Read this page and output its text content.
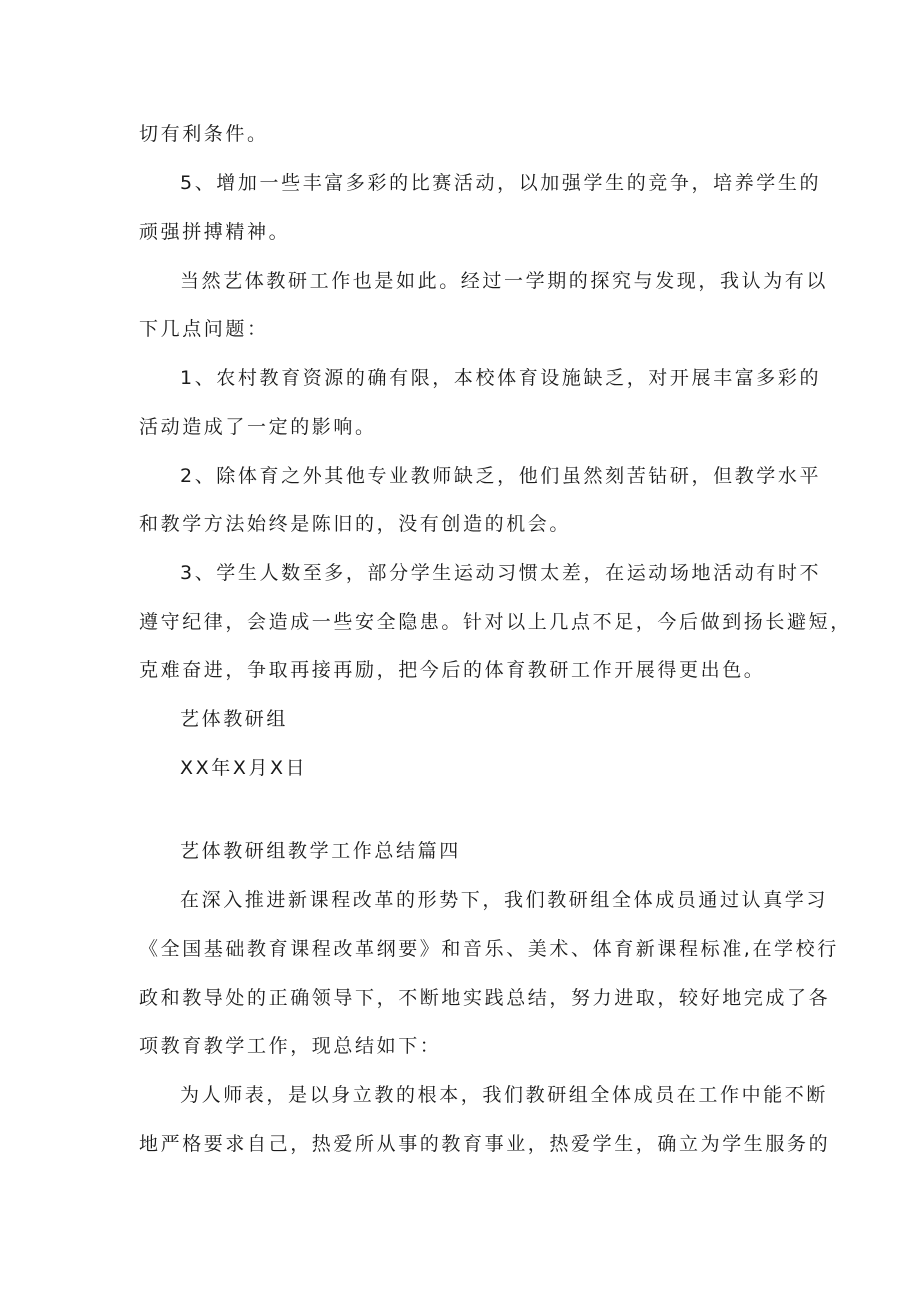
切有利条件。
5、增加一些丰富多彩的比赛活动，以加强学生的竞争，培养学生的
顽强拼搏精神。
当然艺体教研工作也是如此。经过一学期的探究与发现，我认为有以
下几点问题：
1、农村教育资源的确有限，本校体育设施缺乏，对开展丰富多彩的
活动造成了一定的影响。
2、除体育之外其他专业教师缺乏，他们虽然刻苦钻研，但教学水平
和教学方法始终是陈旧的，没有创造的机会。
3、学生人数至多，部分学生运动习惯太差，在运动场地活动有时不
遵守纪律，会造成一些安全隐患。针对以上几点不足，今后做到扬长避短，
克难奋进，争取再接再励，把今后的体育教研工作开展得更出色。
艺体教研组
XX年X月X日
艺体教研组教学工作总结篇四
在深入推进新课程改革的形势下，我们教研组全体成员通过认真学习
《全国基础教育课程改革纲要》和音乐、美术、体育新课程标准,在学校行
政和教导处的正确领导下，不断地实践总结，努力进取，较好地完成了各
项教育教学工作，现总结如下：
为人师表，是以身立教的根本，我们教研组全体成员在工作中能不断
地严格要求自己，热爱所从事的教育事业，热爱学生，确立为学生服务的
